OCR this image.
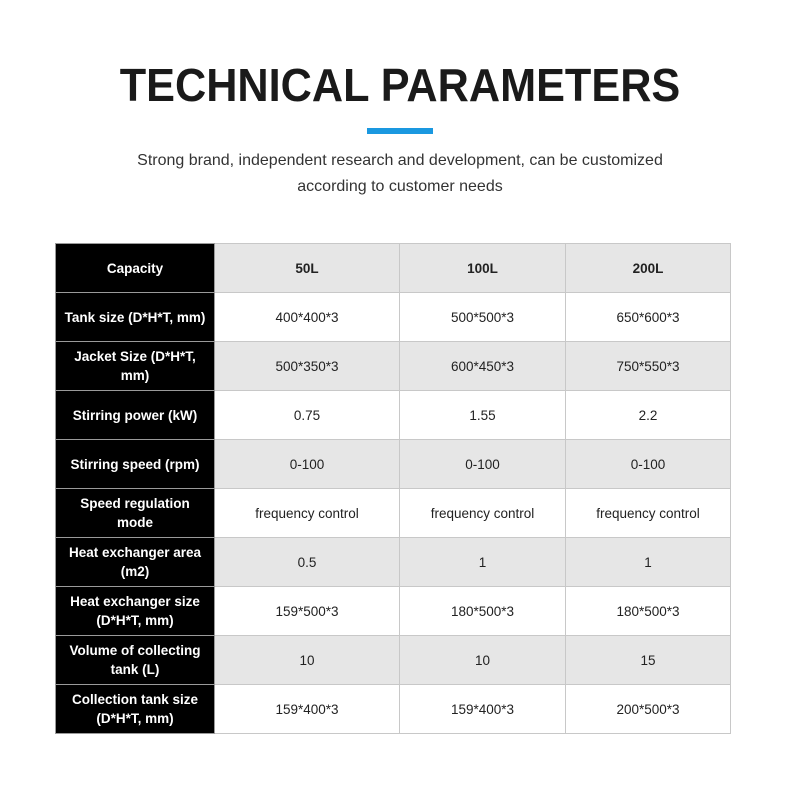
TECHNICAL PARAMETERS
Strong brand, independent research and development, can be customized
according to customer needs
Capacity	50L	100L	200L
Tank size (D*H*T, mm)	400*400*3	500*500*3	650*600*3
Jacket Size (D*H*T, mm)	500*350*3	600*450*3	750*550*3
Stirring power (kW)	0.75	1.55	2.2
Stirring speed (rpm)	0-100	0-100	0-100
Speed regulation mode	frequency control	frequency control	frequency control
Heat exchanger area (m2)	0.5	1	1
Heat exchanger size (D*H*T, mm)	159*500*3	180*500*3	180*500*3
Volume of collecting tank (L)	10	10	15
Collection tank size (D*H*T, mm)	159*400*3	159*400*3	200*500*3
